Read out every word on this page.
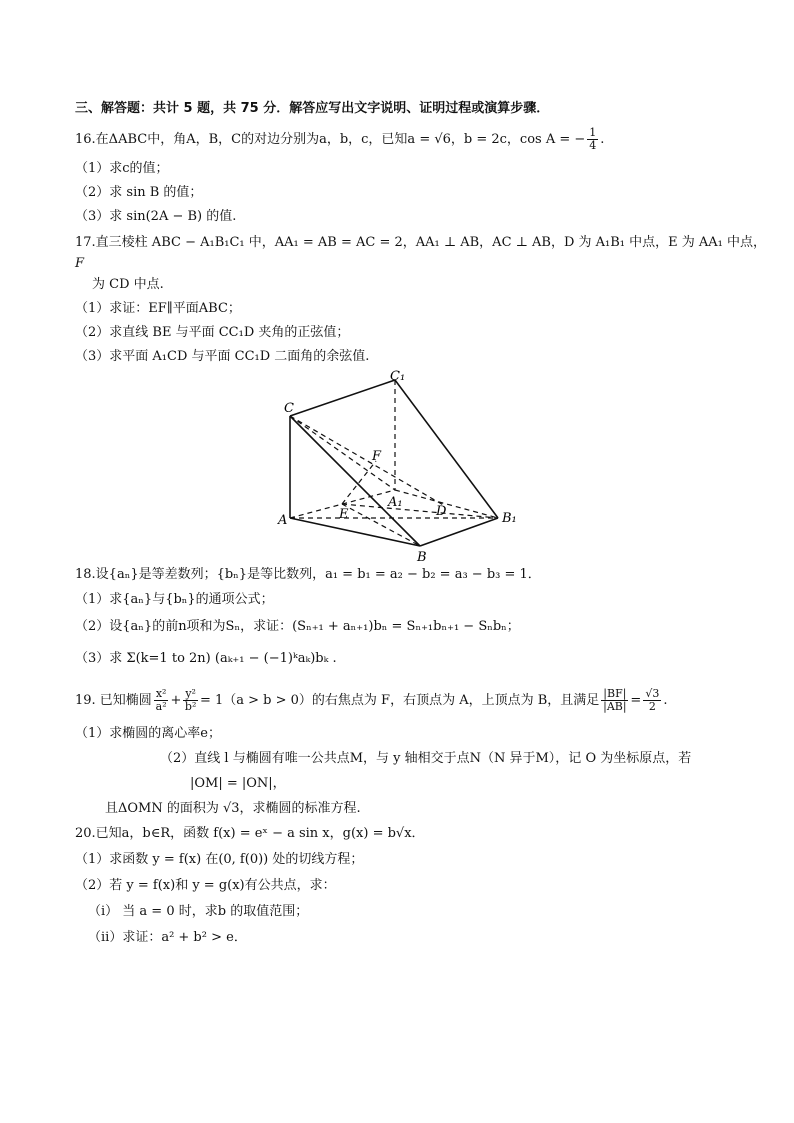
三、解答题：共计 5 题，共 75 分．解答应写出文字说明、证明过程或演算步骤．
16.在ΔABC中，角A，B，C的对边分别为a，b，c，已知a = √6，b = 2c，cos A = − $\frac{1}{4}$ .
（1）求c的值；
（2）求 sin B 的值；
（3）求 sin(2A − B) 的值.
17.直三棱柱 ABC − A₁B₁C₁ 中，AA₁ = AB = AC = 2，AA₁ ⊥ AB，AC ⊥ AB，D 为 A₁B₁ 中点，E 为 AA₁ 中点，
F
为 CD 中点.
（1）求证：EF∥平面ABC；
（2）求直线 BE 与平面 CC₁D 夹角的正弦值；
（3）求平面 A₁CD 与平面 CC₁D 二面角的余弦值.
C₁
C
F
A₁
E	D
A	B₁
B
18.设{aₙ}是等差数列；{bₙ}是等比数列，a₁ = b₁ = a₂ − b₂ = a₃ − b₃ = 1．
（1）求{aₙ}与{bₙ}的通项公式；
（2）设{aₙ}的前n项和为Sₙ，求证：(Sₙ₊₁ + aₙ₊₁)bₙ = Sₙ₊₁bₙ₊₁ − Sₙbₙ；
（3）求 Σ(k=1 to 2n) (aₖ₊₁ − (−1)ᵏaₖ)bₖ .
19. 已知椭圆 $\frac{\text{x²}}{\text{a²}} + \frac{\text{y²}}{\text{b²}} = 1(a > b > 0)$的右焦点为 F，右顶点为 A，上顶点为 B，且满足 $\frac{|BF|}{|AB|} = \frac{√3}{2}$ .
（1）求椭圆的离心率e；
（2）直线 l 与椭圆有唯一公共点M，与 y 轴相交于点N（N 异于M），记 O 为坐标原点，若
|OM| = |ON|，
且ΔOMN 的面积为 √3，求椭圆的标准方程.
20.已知a，b∈R，函数 f(x) = eˣ − a sin x，g(x) = b√x．
（1）求函数 y = f(x) 在(0, f(0)) 处的切线方程；
（2）若 y = f(x)和 y = g(x)有公共点，求：
（i） 当 a = 0 时，求b 的取值范围；
（ii）求证：a² + b² > e．
